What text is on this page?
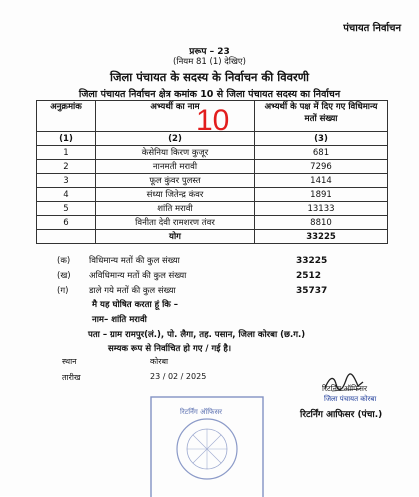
पंचायत निर्वाचन
प्ररूप – 23
(नियम 81 (1) देखिए)
जिला पंचायत के सदस्य के निर्वाचन की विवरणी
जिला पंचायत निर्वाचन क्षेत्र कमांक 10 से जिला पंचायत सदस्य का निर्वाचन
अनुक्रमांक	अभ्यर्थी का नाम	अभ्यर्थी के पक्ष में दिए गए विधिमान्य मतों संख्या
(1)	(2)	(3)
1	केसेनिया किरण कुजूर	681
2	नानमती मरावी	7296
3	फूल कुंवर पुलस्त	1414
4	संध्या जितेन्द्र कंवर	1891
5	शांति मरावी	13133
6	विनीता देवी रामशरण तंवर	8810
	योग	33225
10
(क) विधिमान्य मतों की कुल संख्या	33225
(ख) अविधिमान्य मतों की कुल संख्या	2512
(ग) डाले गये मतों की कुल संख्या	35737
मै यह घोषित करता हूं कि –
नाम– शांति मरावी
पता – ग्राम रामपुर(लं.), पो. लैगा, तह. पसान, जिला कोरबा (छ.ग.)
सम्यक रूप से निर्वाचित हो गए / गई है।
स्थान	कोरबा
तारीख	23 / 02 / 2025
रिटर्निंग ऑफिसर
जिला पंचायत कोरबा
रिटर्निंग आफिसर (पंचा.)
रिटर्निंग ऑफिसर
